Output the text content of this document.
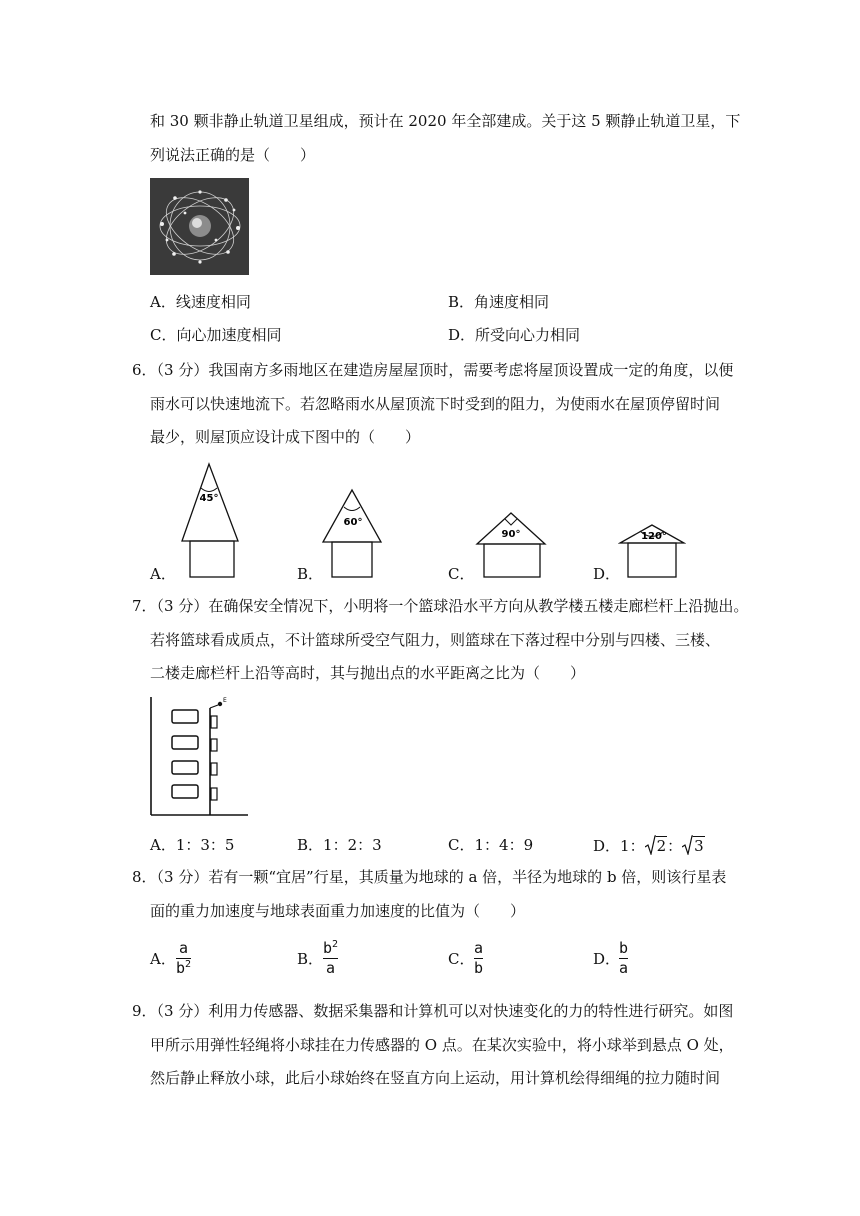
和 30 颗非静止轨道卫星组成，预计在 2020 年全部建成。关于这 5 颗静止轨道卫星，下
列说法正确的是（　　）
A．线速度相同	B．角速度相同
C．向心加速度相同	D．所受向心力相同
6．（3 分）我国南方多雨地区在建造房屋屋顶时，需要考虑将屋顶设置成一定的角度，以便
雨水可以快速地流下。若忽略雨水从屋顶流下时受到的阻力，为使雨水在屋顶停留时间
最少，则屋顶应设计成下图中的（　　）
45°
A．
60°
B．
90°
C．
120°
D．
7．（3 分）在确保安全情况下，小明将一个篮球沿水平方向从教学楼五楼走廊栏杆上沿抛出。
若将篮球看成质点，不计篮球所受空气阻力，则篮球在下落过程中分别与四楼、三楼、
二楼走廊栏杆上沿等高时，其与抛出点的水平距离之比为（　　）
E
A．1：3：5	B．1：2：3	C．1：4：9	D．1： 2： 3
8．（3 分）若有一颗“宜居”行星，其质量为地球的 a 倍，半径为地球的 b 倍，则该行星表
面的重力加速度与地球表面重力加速度的比值为（　　）
A．
a
$b^2$	B．
$b^2$
a	C．
a
b	D．
b
a
9．（3 分）利用力传感器、数据采集器和计算机可以对快速变化的力的特性进行研究。如图
甲所示用弹性轻绳将小球挂在力传感器的 O 点。在某次实验中，将小球举到悬点 O 处，
然后静止释放小球，此后小球始终在竖直方向上运动，用计算机绘得细绳的拉力随时间
